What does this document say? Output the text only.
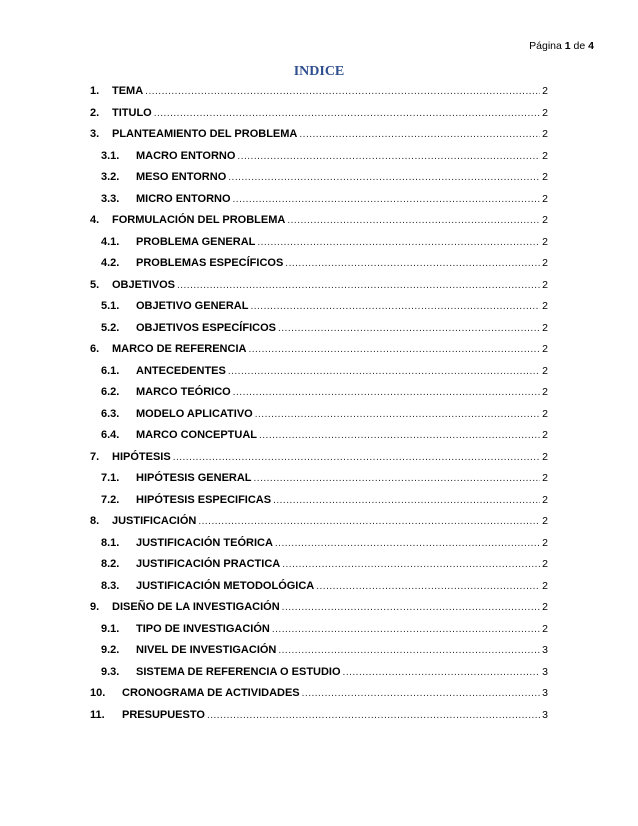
Página 1 de 4
INDICE
1.	TEMA .....	2
2.	TITULO .....	2
3.	PLANTEAMIENTO DEL PROBLEMA .....	2
3.1.	MACRO ENTORNO .....	2
3.2.	MESO ENTORNO .....	2
3.3.	MICRO ENTORNO .....	2
4.	FORMULACIÓN DEL PROBLEMA .....	2
4.1.	PROBLEMA GENERAL .....	2
4.2.	PROBLEMAS ESPECÍFICOS .....	2
5.	OBJETIVOS .....	2
5.1.	OBJETIVO GENERAL .....	2
5.2.	OBJETIVOS ESPECÍFICOS .....	2
6.	MARCO DE REFERENCIA .....	2
6.1.	ANTECEDENTES .....	2
6.2.	MARCO TEÓRICO .....	2
6.3.	MODELO APLICATIVO .....	2
6.4.	MARCO CONCEPTUAL .....	2
7.	HIPÓTESIS .....	2
7.1.	HIPÓTESIS GENERAL .....	2
7.2.	HIPÓTESIS ESPECIFICAS .....	2
8.	JUSTIFICACIÓN .....	2
8.1.	JUSTIFICACIÓN TEÓRICA .....	2
8.2.	JUSTIFICACIÓN PRACTICA .....	2
8.3.	JUSTIFICACIÓN METODOLÓGICA .....	2
9.	DISEÑO DE LA INVESTIGACIÓN .....	2
9.1.	TIPO DE INVESTIGACIÓN .....	2
9.2.	NIVEL DE INVESTIGACIÓN .....	3
9.3.	SISTEMA DE REFERENCIA O ESTUDIO .....	3
10.	CRONOGRAMA DE ACTIVIDADES .....	3
11.	PRESUPUESTO .....	3
